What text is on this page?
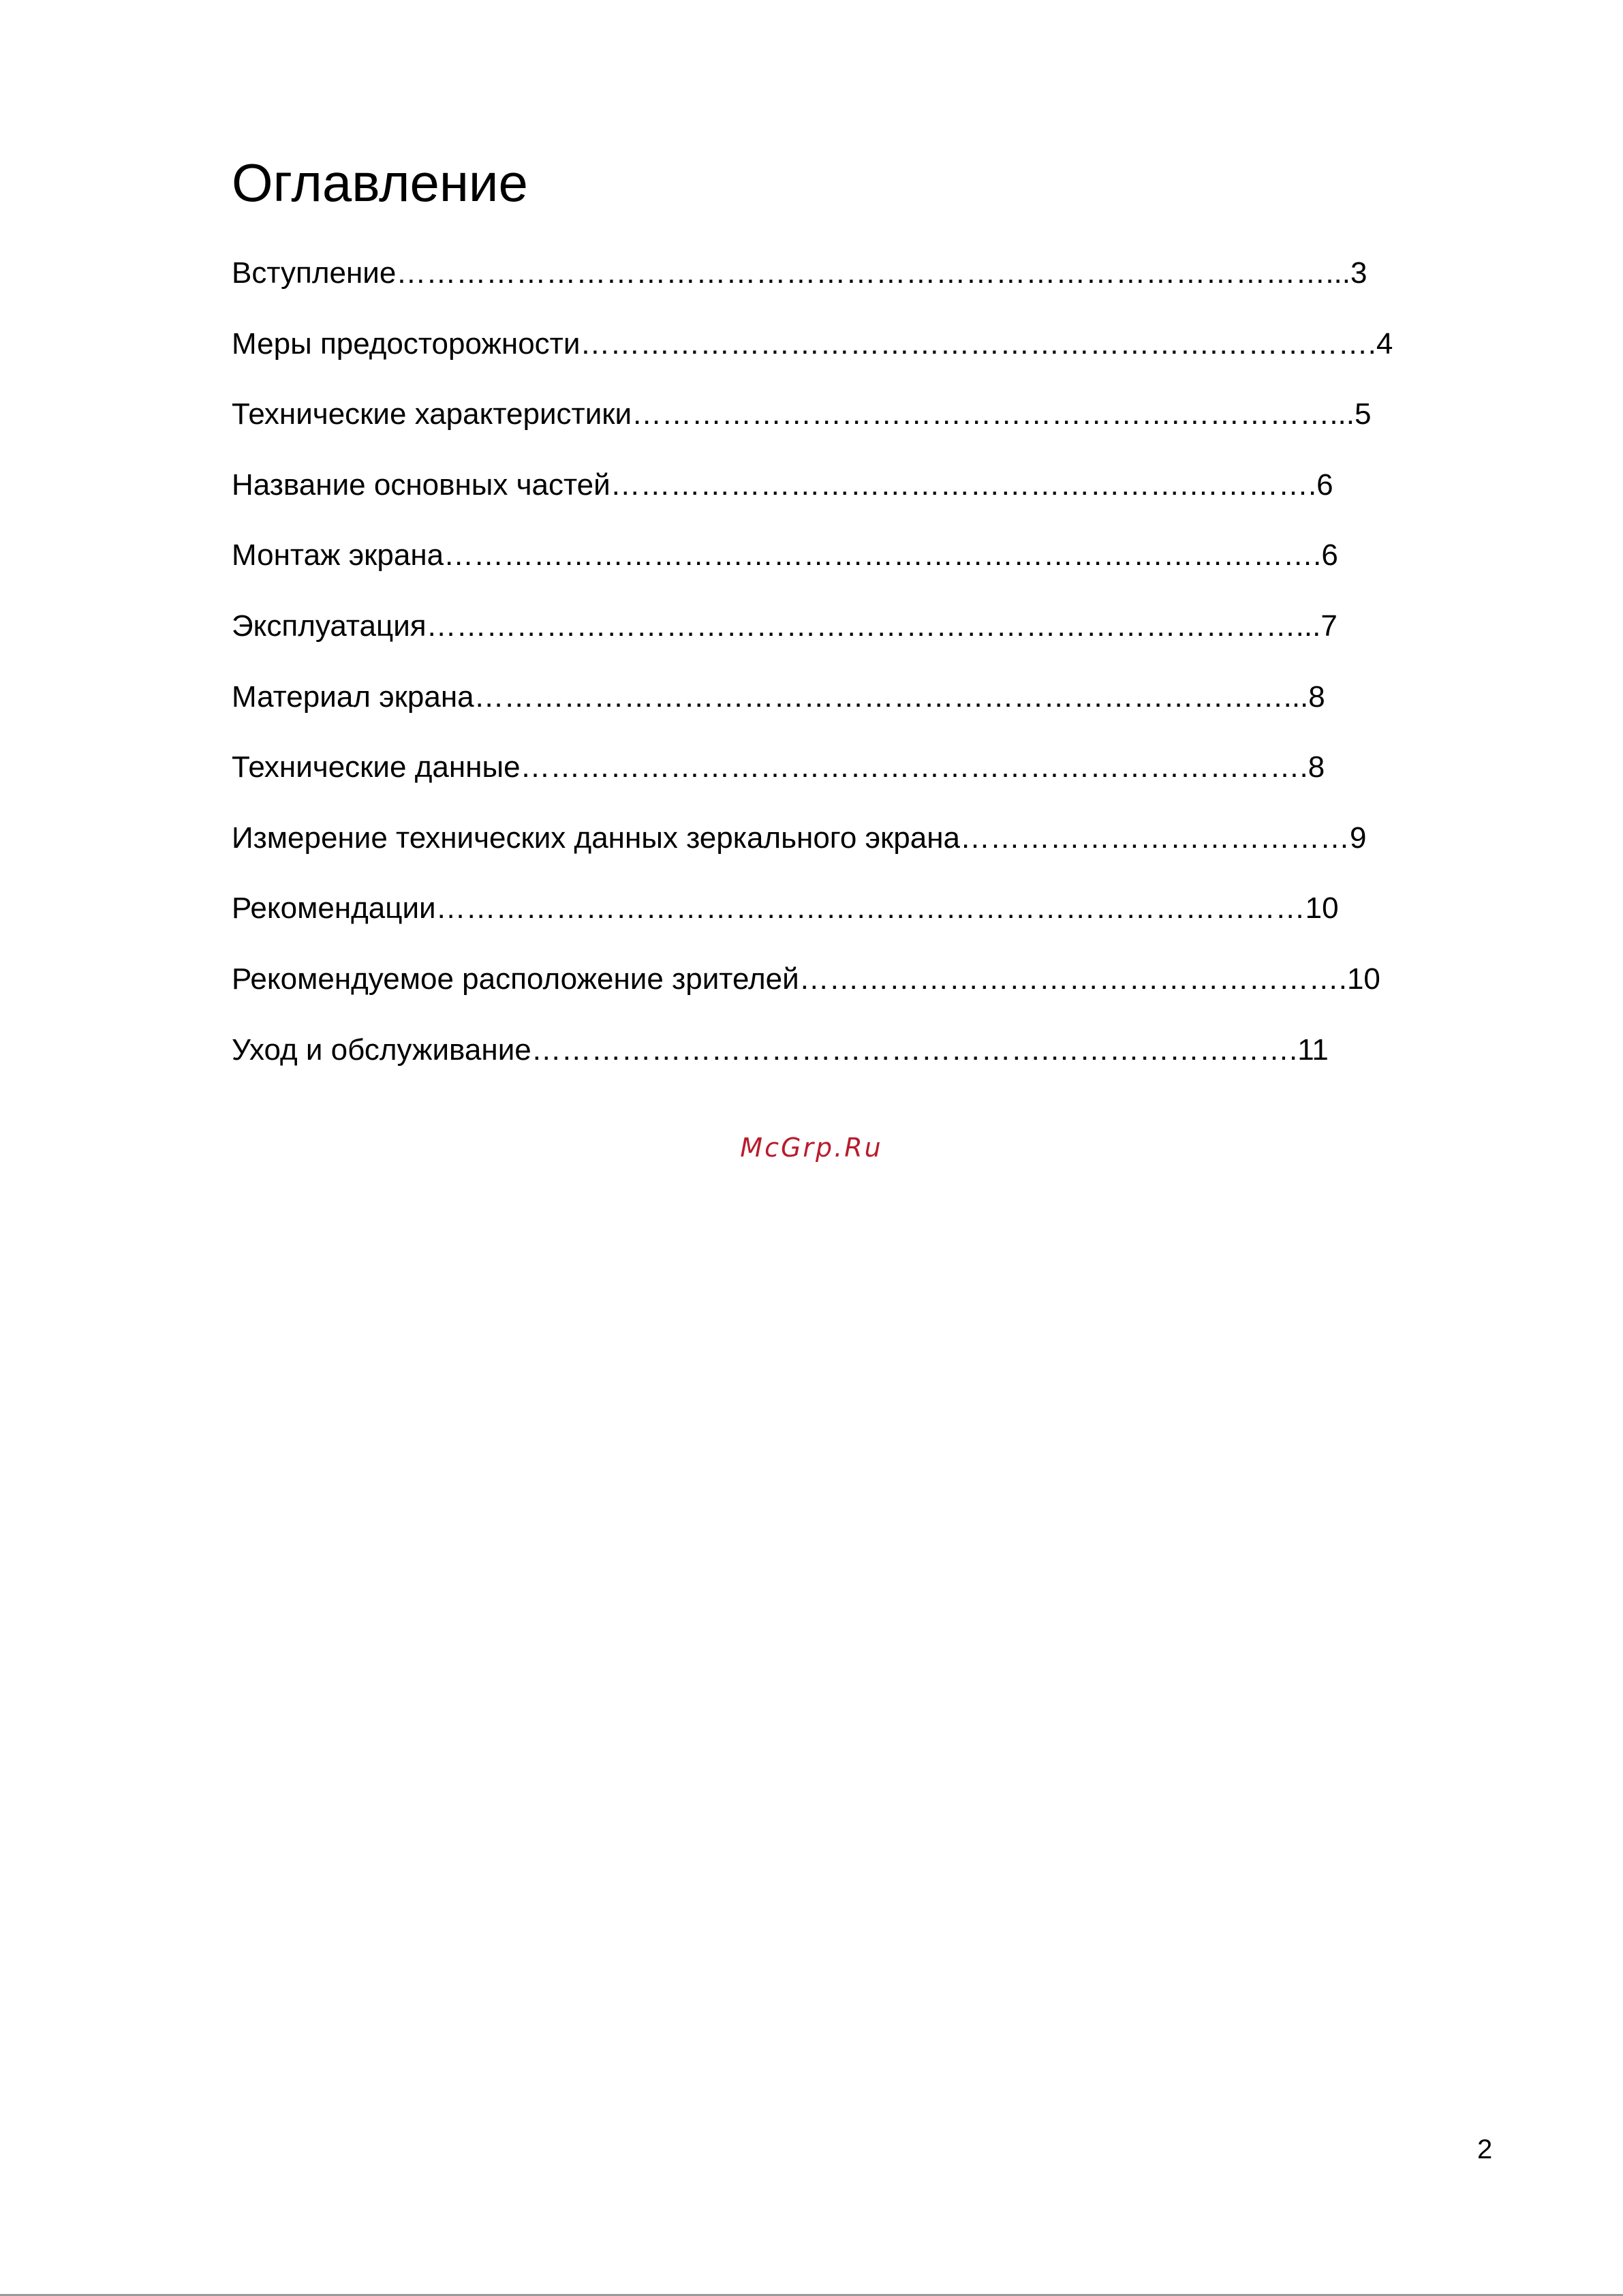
Оглавление
Вступление…………………………………………………………………………………...3
Меры предосторожности……………………………………………………….…………….4
Технические характеристики……………………………………………….……………...5
Название основных частей………………………………………………….………….6
Монтаж экрана…………………………………………………………………………….6
Эксплуатация……………………………………………………………………………...7
Материал экрана………………………………………………………………………...8
Технические данные…………………………………………………………………….8
Измерение технических данных зеркального экрана…………………………………9
Рекомендации……………………………………………………………………………10
Рекомендуемое расположение зрителей……………………………………………….10
Уход и обслуживание…………………………………………….…………………….11
McGrp.Ru
2
